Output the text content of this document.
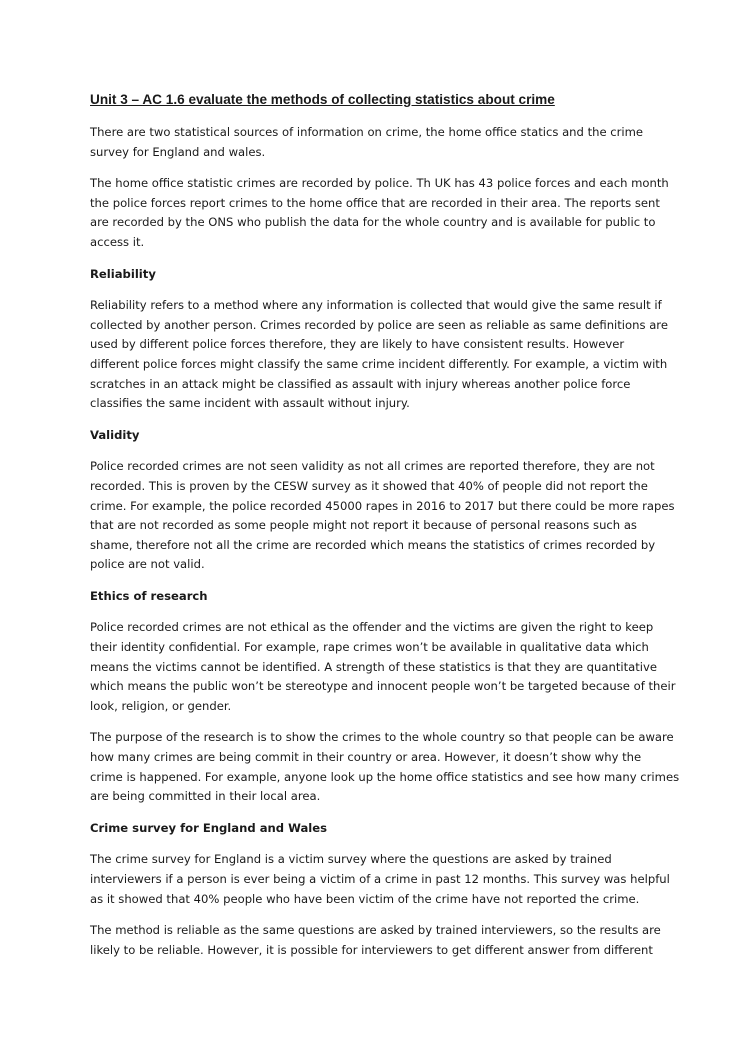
Unit 3 – AC 1.6 evaluate the methods of collecting statistics about crime
There are two statistical sources of information on crime, the home office statics and the crime
survey for England and wales.
The home office statistic crimes are recorded by police. Th UK has 43 police forces and each month
the police forces report crimes to the home office that are recorded in their area. The reports sent
are recorded by the ONS who publish the data for the whole country and is available for public to
access it.
Reliability
Reliability refers to a method where any information is collected that would give the same result if
collected by another person. Crimes recorded by police are seen as reliable as same definitions are
used by different police forces therefore, they are likely to have consistent results. However
different police forces might classify the same crime incident differently. For example, a victim with
scratches in an attack might be classified as assault with injury whereas another police force
classifies the same incident with assault without injury.
Validity
Police recorded crimes are not seen validity as not all crimes are reported therefore, they are not
recorded. This is proven by the CESW survey as it showed that 40% of people did not report the
crime. For example, the police recorded 45000 rapes in 2016 to 2017 but there could be more rapes
that are not recorded as some people might not report it because of personal reasons such as
shame, therefore not all the crime are recorded which means the statistics of crimes recorded by
police are not valid.
Ethics of research
Police recorded crimes are not ethical as the offender and the victims are given the right to keep
their identity confidential. For example, rape crimes won’t be available in qualitative data which
means the victims cannot be identified. A strength of these statistics is that they are quantitative
which means the public won’t be stereotype and innocent people won’t be targeted because of their
look, religion, or gender.
The purpose of the research is to show the crimes to the whole country so that people can be aware
how many crimes are being commit in their country or area. However, it doesn’t show why the
crime is happened. For example, anyone look up the home office statistics and see how many crimes
are being committed in their local area.
Crime survey for England and Wales
The crime survey for England is a victim survey where the questions are asked by trained
interviewers if a person is ever being a victim of a crime in past 12 months. This survey was helpful
as it showed that 40% people who have been victim of the crime have not reported the crime.
The method is reliable as the same questions are asked by trained interviewers, so the results are
likely to be reliable. However, it is possible for interviewers to get different answer from different
